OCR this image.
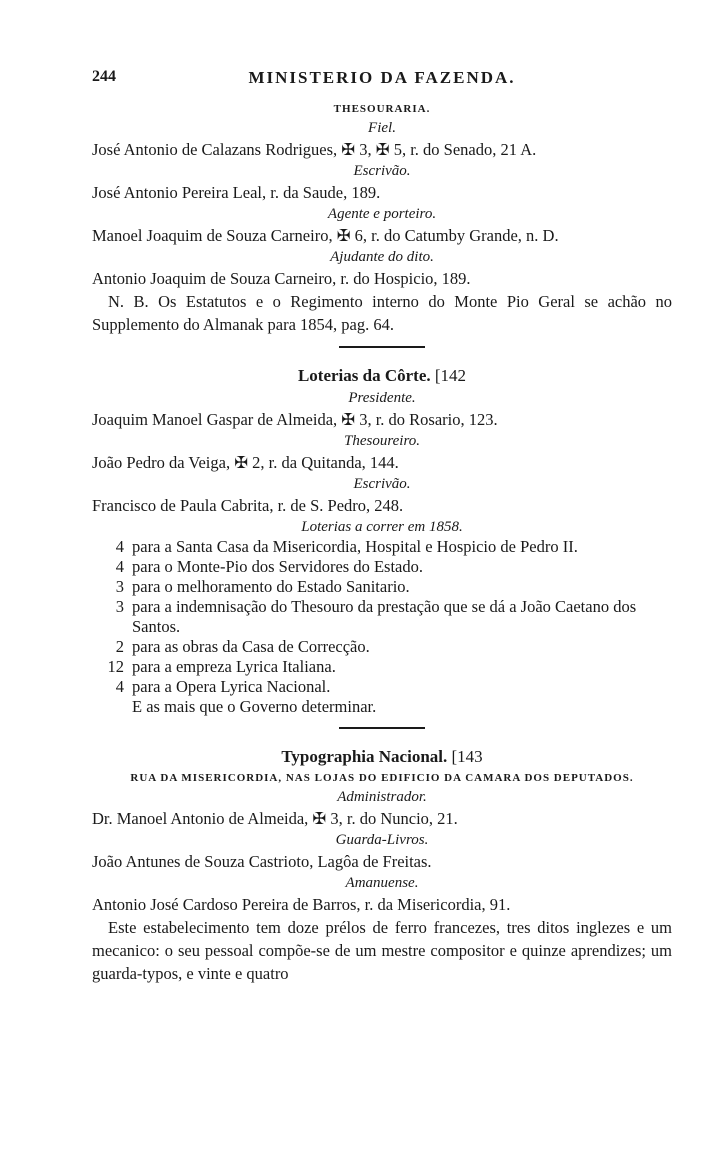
244	MINISTERIO DA FAZENDA.
THESOURARIA.
Fiel.
José Antonio de Calazans Rodrigues, ✠ 3, ✠ 5, r. do Senado, 21 A.
Escrivão.
José Antonio Pereira Leal, r. da Saude, 189.
Agente e porteiro.
Manoel Joaquim de Souza Carneiro, ✠ 6, r. do Catumby Grande, n. D.
Ajudante do dito.
Antonio Joaquim de Souza Carneiro, r. do Hospicio, 189.
N. B. Os Estatutos e o Regimento interno do Monte Pio Geral se achão no Supplemento do Almanak para 1854, pag. 64.
Loterias da Côrte. [142
Presidente.
Joaquim Manoel Gaspar de Almeida, ✠ 3, r. do Rosario, 123.
Thesoureiro.
João Pedro da Veiga, ✠ 2, r. da Quitanda, 144.
Escrivão.
Francisco de Paula Cabrita, r. de S. Pedro, 248.
Loterias a correr em 1858.
4 para a Santa Casa da Misericordia, Hospital e Hospicio de Pedro II.
4 para o Monte-Pio dos Servidores do Estado.
3 para o melhoramento do Estado Sanitario.
3 para a indemnisação do Thesouro da prestação que se dá a João Caetano dos Santos.
2 para as obras da Casa de Correcção.
12 para a empreza Lyrica Italiana.
4 para a Opera Lyrica Nacional.
E as mais que o Governo determinar.
Typographia Nacional. [143
RUA DA MISERICORDIA, NAS LOJAS DO EDIFICIO DA CAMARA DOS DEPUTADOS.
Administrador.
Dr. Manoel Antonio de Almeida, ✠ 3, r. do Nuncio, 21.
Guarda-Livros.
João Antunes de Souza Castrioto, Lagôa de Freitas.
Amanuense.
Antonio José Cardoso Pereira de Barros, r. da Misericordia, 91.
Este estabelecimento tem doze prélos de ferro francezes, tres ditos inglezes e um mecanico: o seu pessoal compõe-se de um mestre compositor e quinze aprendizes; um guarda-typos, e vinte e quatro
